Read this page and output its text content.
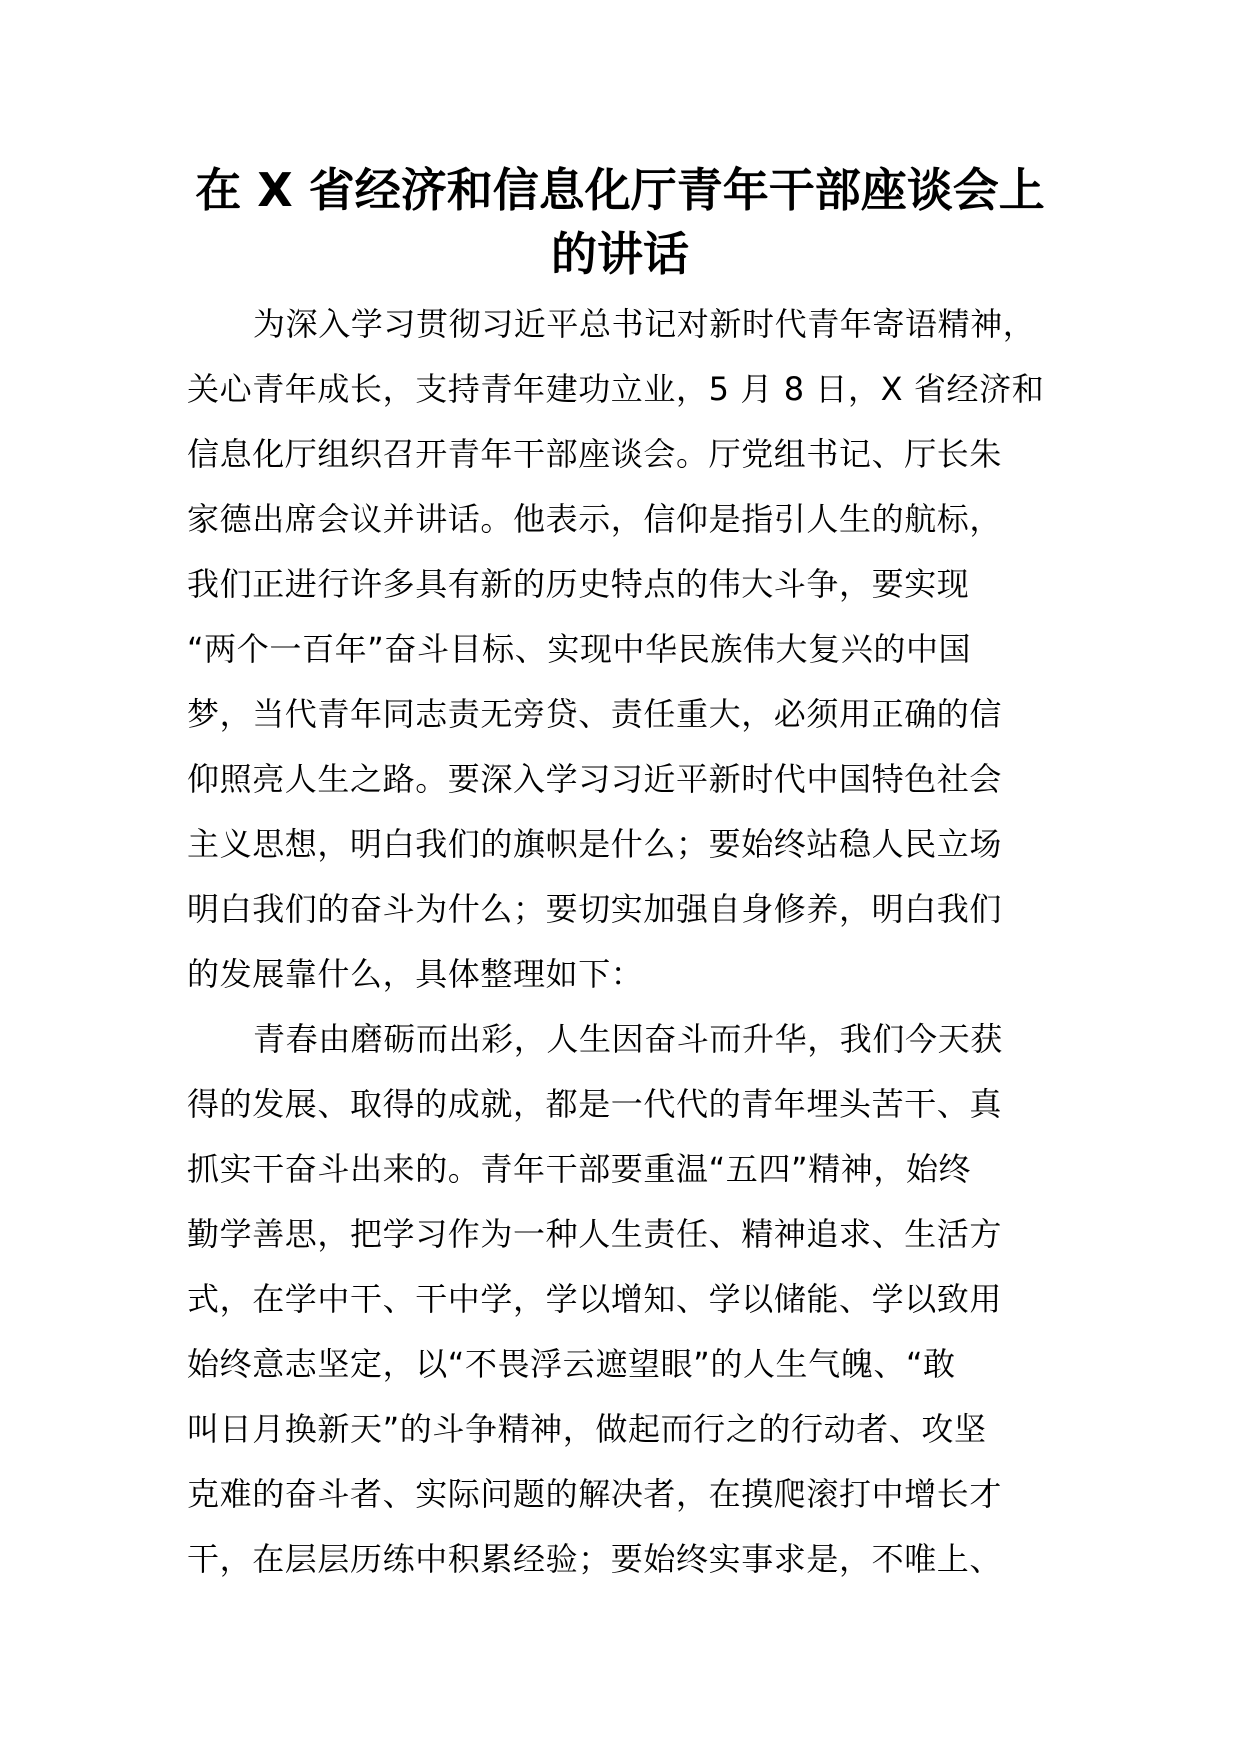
在 X 省经济和信息化厅青年干部座谈会上
的讲话
为深入学习贯彻习近平总书记对新时代青年寄语精神，
关心青年成长，支持青年建功立业，5 月 8 日，X 省经济和
信息化厅组织召开青年干部座谈会。厅党组书记、厅长朱
家德出席会议并讲话。他表示，信仰是指引人生的航标，
我们正进行许多具有新的历史特点的伟大斗争，要实现
“两个一百年”奋斗目标、实现中华民族伟大复兴的中国
梦，当代青年同志责无旁贷、责任重大，必须用正确的信
仰照亮人生之路。要深入学习习近平新时代中国特色社会
主义思想，明白我们的旗帜是什么；要始终站稳人民立场
明白我们的奋斗为什么；要切实加强自身修养，明白我们
的发展靠什么，具体整理如下：
青春由磨砺而出彩，人生因奋斗而升华，我们今天获
得的发展、取得的成就，都是一代代的青年埋头苦干、真
抓实干奋斗出来的。青年干部要重温“五四”精神，始终
勤学善思，把学习作为一种人生责任、精神追求、生活方
式，在学中干、干中学，学以增知、学以储能、学以致用
始终意志坚定，以“不畏浮云遮望眼”的人生气魄、“敢
叫日月换新天”的斗争精神，做起而行之的行动者、攻坚
克难的奋斗者、实际问题的解决者，在摸爬滚打中增长才
干，在层层历练中积累经验；要始终实事求是，不唯上、
